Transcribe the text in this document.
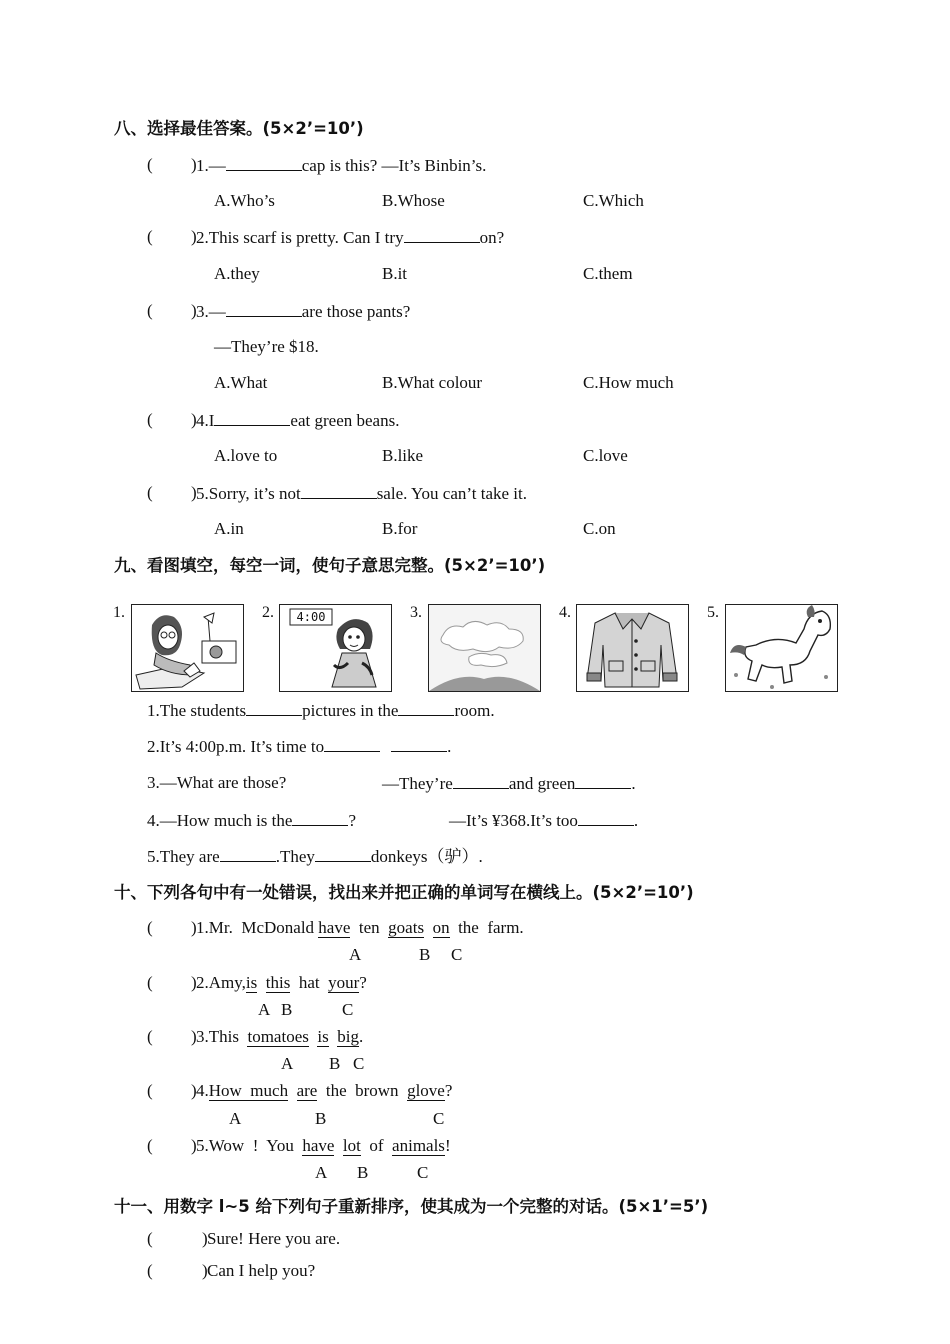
八、选择最佳答案。(5×2’=10’)
( ) 1.—	cap is this? —It’s Binbin’s.
A.Who’s	B.Whose	C.Which
( ) 2.This scarf is pretty. Can I try	on?
A.they	B.it	C.them
( ) 3.—	are those pants?
—They’re $18.
A.What	B.What colour	C.How much
( ) 4.I	eat green beans.
A.love to	B.like	C.love
( ) 5.Sorry, it’s not	sale. You can’t take it.
A.in	B.for	C.on
九、看图填空，每空一词，使句子意思完整。(5×2’=10’)
1.	2.	3.	4.	5.
4:00
1.The students	pictures in the	room.
2.It’s 4:00p.m. It’s time to	.
3.—What are those?	—They’re	and green	.
4.—How much is the	?	—It’s ¥368.It’s too	.
5.They are	.They	donkeys（驴）.
十、下列各句中有一处错误，找出来并把正确的单词写在横线上。(5×2’=10’)
( ) 1.Mr.  McDonald have  ten  goats on  the  farm.
A	B C
( ) 2.Amy,is this  hat  your?
A B	C
( ) 3.This  tomatoes is big.
A B C
( ) 4.How  much are  the  brown  glove?
A	B	C
( ) 5.Wow  !  You  have lot  of  animals!
A B	C
十一、用数字 l~5 给下列句子重新排序，使其成为一个完整的对话。(5×1’=5’)
(	) Sure! Here you are.
(	) Can I help you?
